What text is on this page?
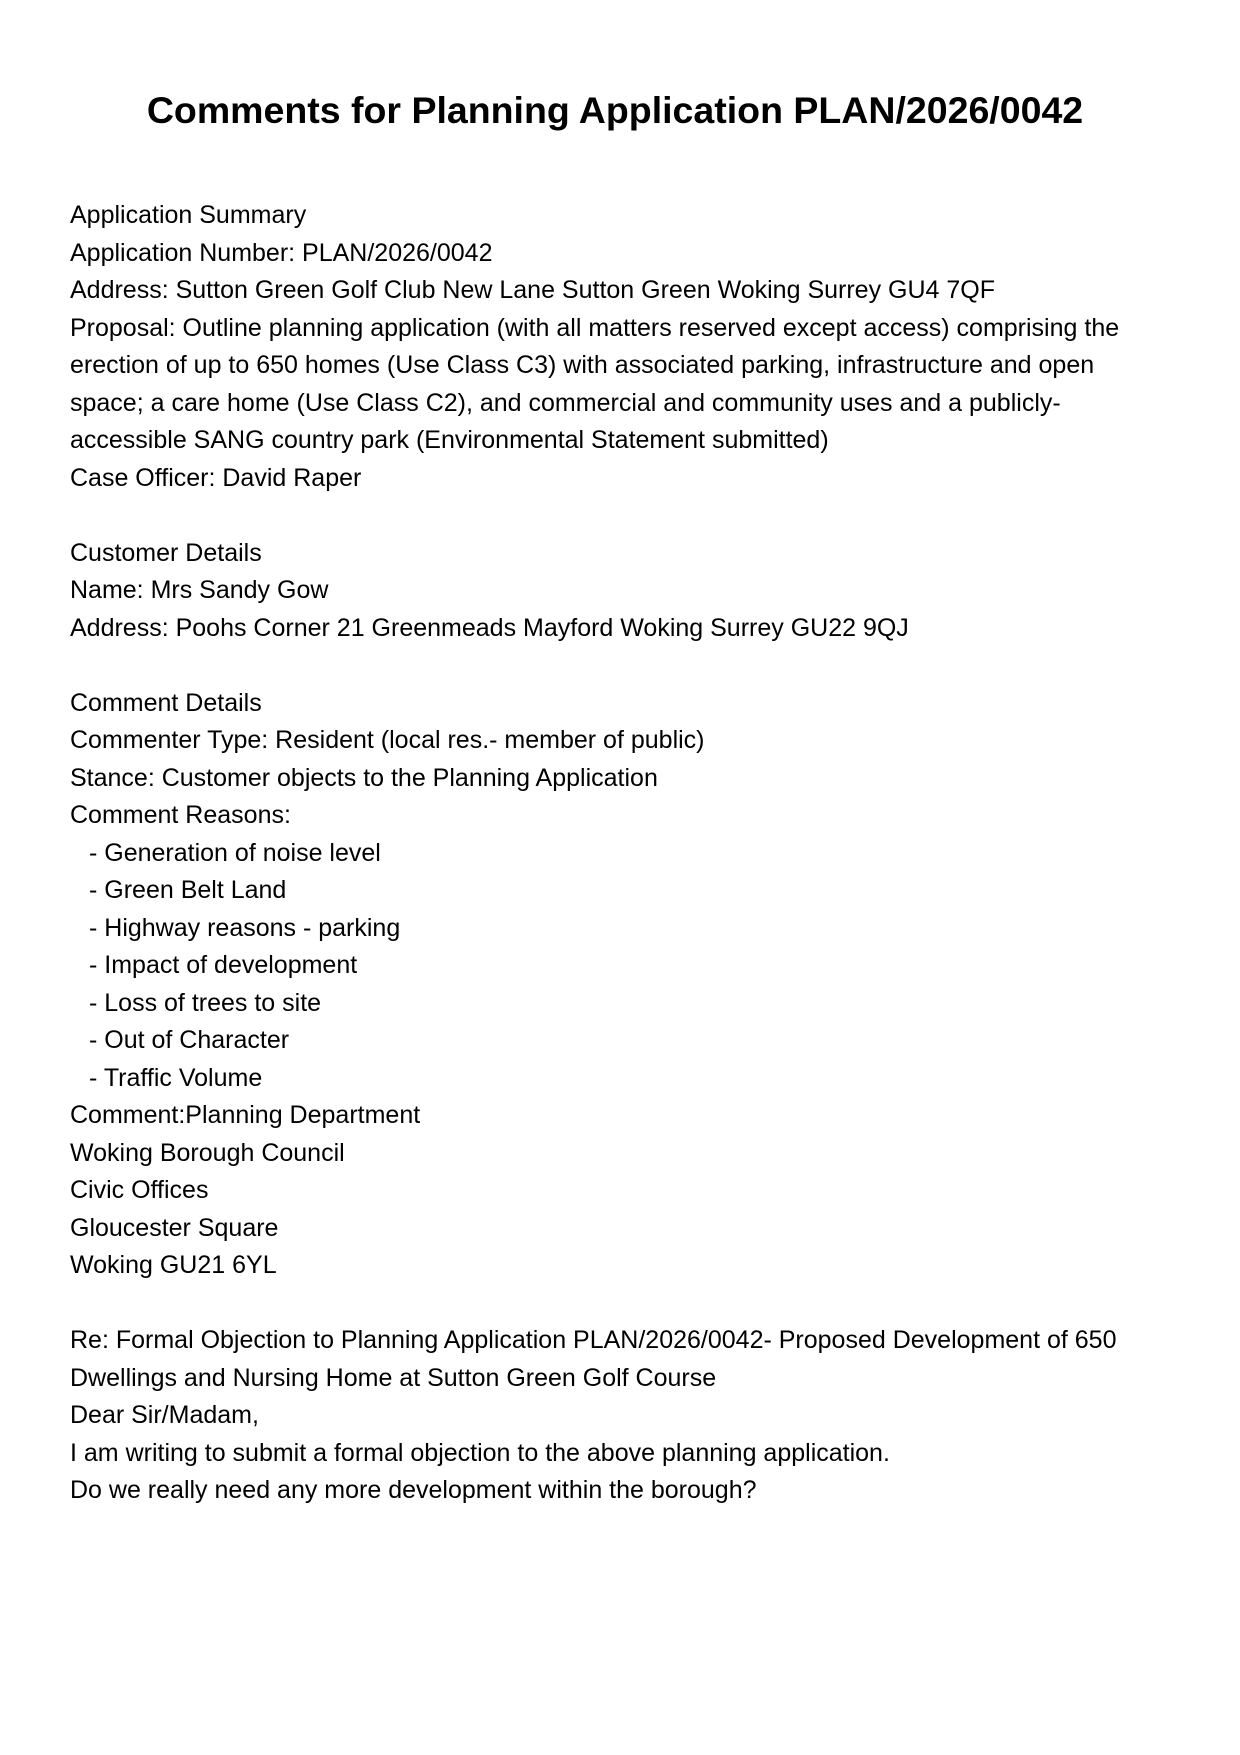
Comments for Planning Application PLAN/2026/0042

Application Summary

Application Number: PLAN/2026/0042

Address: Sutton Green Golf Club New Lane Sutton Green Woking Surrey GU4 7QF

Proposal: Outline planning application (with all matters reserved except access) comprising the erection of up to 650 homes (Use Class C3) with associated parking, infrastructure and open space; a care home (Use Class C2), and commercial and community uses and a publicly-accessible SANG country park (Environmental Statement submitted)

Case Officer: David Raper

Customer Details

Name: Mrs Sandy Gow

Address: Poohs Corner 21 Greenmeads Mayford Woking Surrey GU22 9QJ

Comment Details

Commenter Type: Resident (local res.- member of public)

Stance: Customer objects to the Planning Application

Comment Reasons:

- Generation of noise level

- Green Belt Land

- Highway reasons - parking

- Impact of development

- Loss of trees to site

- Out of Character

- Traffic Volume

Comment:Planning Department

Woking Borough Council

Civic Offices

Gloucester Square

Woking GU21 6YL

Re: Formal Objection to Planning Application PLAN/2026/0042- Proposed Development of 650 Dwellings and Nursing Home at Sutton Green Golf Course

Dear Sir/Madam,

I am writing to submit a formal objection to the above planning application.

Do we really need any more development within the borough?
